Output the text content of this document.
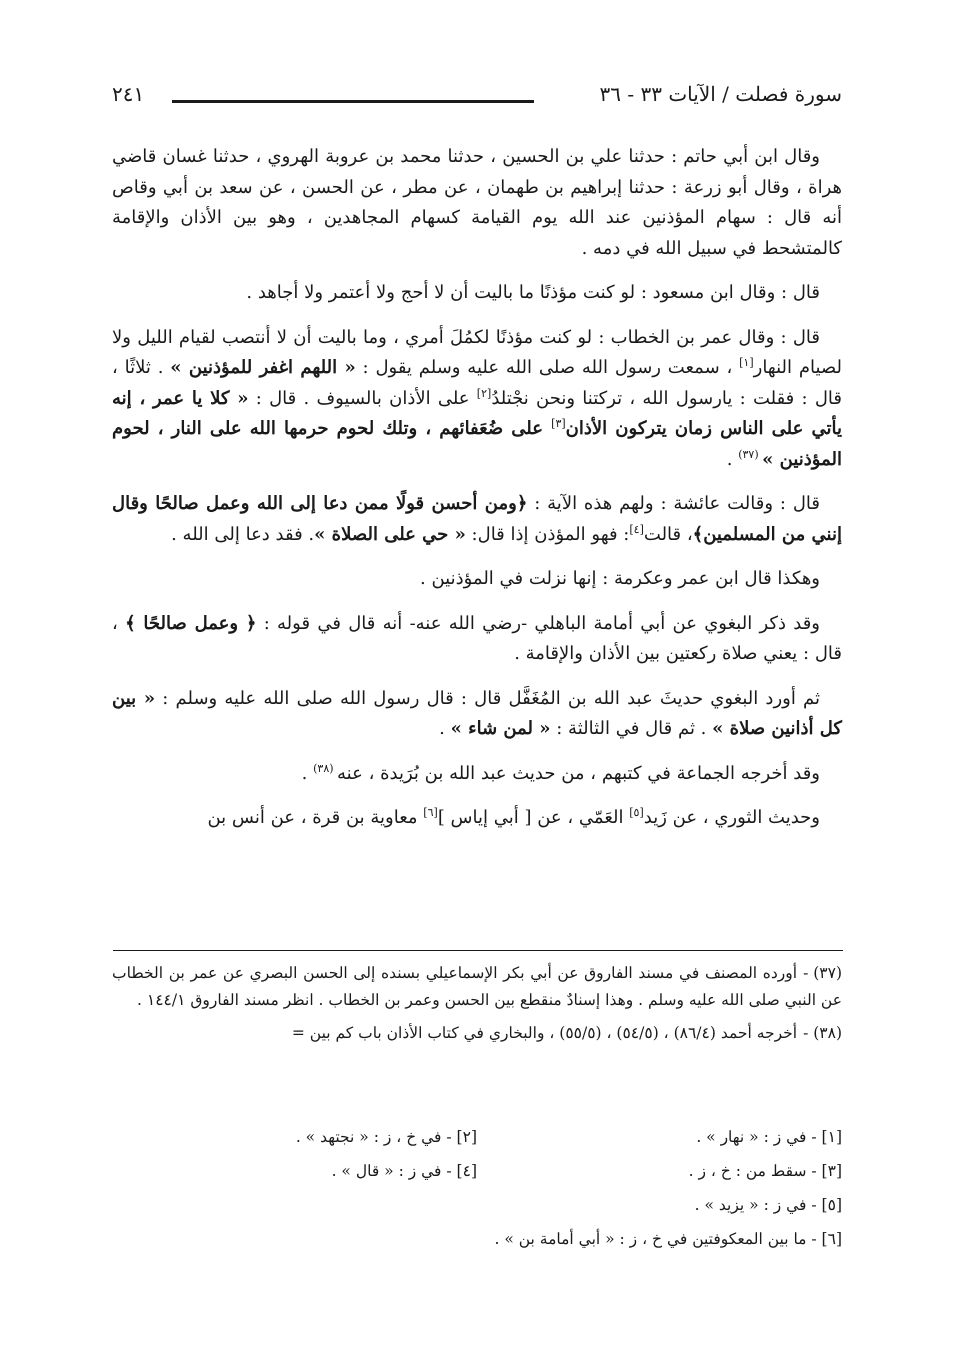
سورة فصلت / الآيات ٣٣ - ٣٦
٢٤١

وقال ابن أبي حاتم : حدثنا علي بن الحسين ، حدثنا محمد بن عروبة الهروي ، حدثنا غسان قاضي هراة ، وقال أبو زرعة : حدثنا إبراهيم بن طهمان ، عن مطر ، عن الحسن ، عن سعد بن أبي وقاص أنه قال : سهام المؤذنين عند الله يوم القيامة كسهام المجاهدين ، وهو بين الأذان والإقامة كالمتشحط في سبيل الله في دمه .

قال : وقال ابن مسعود : لو كنت مؤذنًا ما باليت أن لا أحج ولا أعتمر ولا أجاهد .

قال : وقال عمر بن الخطاب : لو كنت مؤذنًا لكمُلَ أمري ، وما باليت أن لا أنتصب لقيام الليل ولا لصيام النهار[١] ، سمعت رسول الله صلى الله عليه وسلم يقول : « اللهم اغفر للمؤذنين » . ثلاثًا ، قال : فقلت : يارسول الله ، تركتنا ونحن نجْتلدُ[٢] على الأذان بالسيوف . قال : « كلا يا عمر ، إنه يأتي على الناس زمان يتركون الأذان[٣] على ضُعَفائهم ، وتلك لحوم حرمها الله على النار ، لحوم المؤذنين » $^{(٣٧)}$ .

قال : وقالت عائشة : ولهم هذه الآية : ﴿ومن أحسن قولًا ممن دعا إلى الله وعمل صالحًا وقال إنني من المسلمين﴾، قالت[٤]: فهو المؤذن إذا قال: « حي على الصلاة ». فقد دعا إلى الله .

وهكذا قال ابن عمر وعكرمة : إنها نزلت في المؤذنين .

وقد ذكر البغوي عن أبي أمامة الباهلي -رضي الله عنه- أنه قال في قوله : ﴿ وعمل صالحًا ﴾ ، قال : يعني صلاة ركعتين بين الأذان والإقامة .

ثم أورد البغوي حديثَ عبد الله بن المُغَفَّل قال : قال رسول الله صلى الله عليه وسلم : « بين كل أذانين صلاة » . ثم قال في الثالثة : « لمن شاء » .

وقد أخرجه الجماعة في كتبهم ، من حديث عبد الله بن بُرَيدة ، عنه $^{(٣٨)}$ .

وحديث الثوري ، عن زَيد[٥] العَمّي ، عن [ أبي إياس ][٦] معاوية بن قرة ، عن أنس بن

(٣٧) -أورده المصنف في مسند الفاروق عن أبي بكر الإسماعيلي بسنده إلى الحسن البصري عن عمر بن الخطاب عن النبي صلى الله عليه وسلم . وهذا إسنادٌ منقطع بين الحسن وعمر بن الخطاب . انظر مسند الفاروق ١٤٤/١ .

(٣٨) -أخرجه أحمد (٨٦/٤) ، (٥٤/٥) ، (٥٥/٥) ، والبخاري في كتاب الأذان باب كم بين =

[١] - في ز : « نهار » .
[٢] - في خ ، ز : « نجتهد » .
[٣] - سقط من : خ ، ز .
[٤] - في ز : « قال » .
[٥] - في ز : « يزيد » .
[٦] - ما بين المعكوفتين في خ ، ز : « أبي أمامة بن » .
